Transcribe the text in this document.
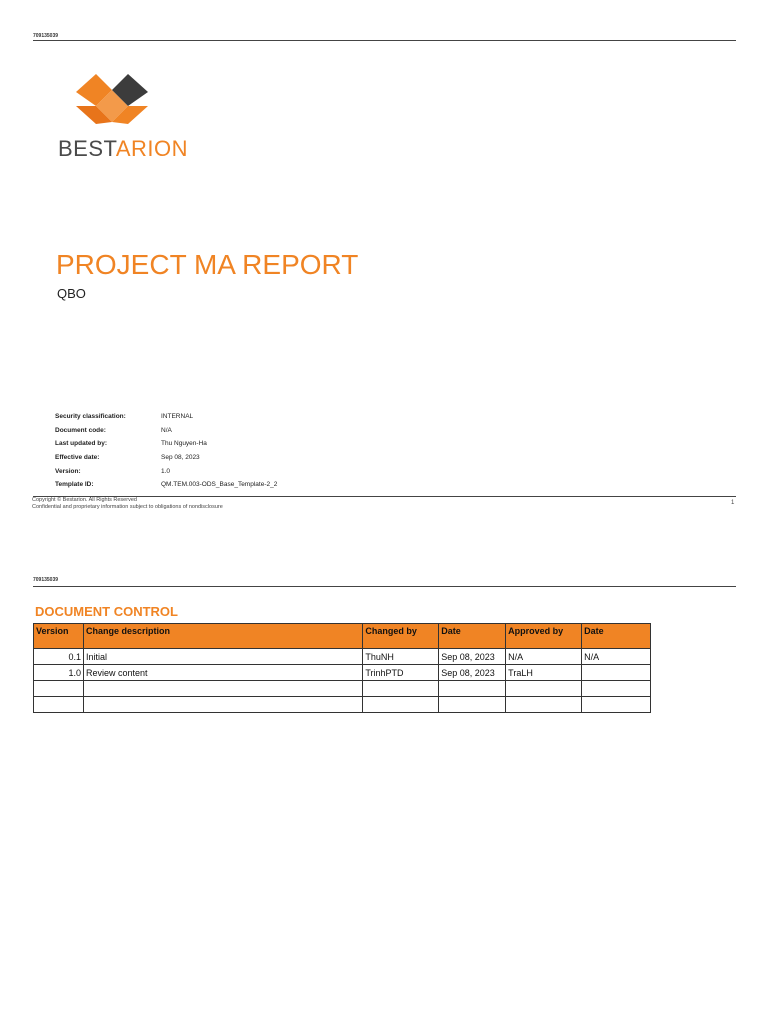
709135039
BESTARION
PROJECT MA REPORT
QBO
Security classification:	INTERNAL
Document code:	N/A
Last updated by:	Thu Nguyen-Ha
Effective date:	Sep 08, 2023
Version:	1.0
Template ID:	QM.TEM.003-ODS_Base_Template-2_2
Copyright © Bestarion. All Rights Reserved
Confidential and proprietary information subject to obligations of nondisclosure
1
709135039
DOCUMENT CONTROL
Version	Change description	Changed by	Date	Approved by	Date
0.1	Initial	ThuNH	Sep 08, 2023	N/A	N/A
1.0	Review content	TrinhPTD	Sep 08, 2023	TraLH	
